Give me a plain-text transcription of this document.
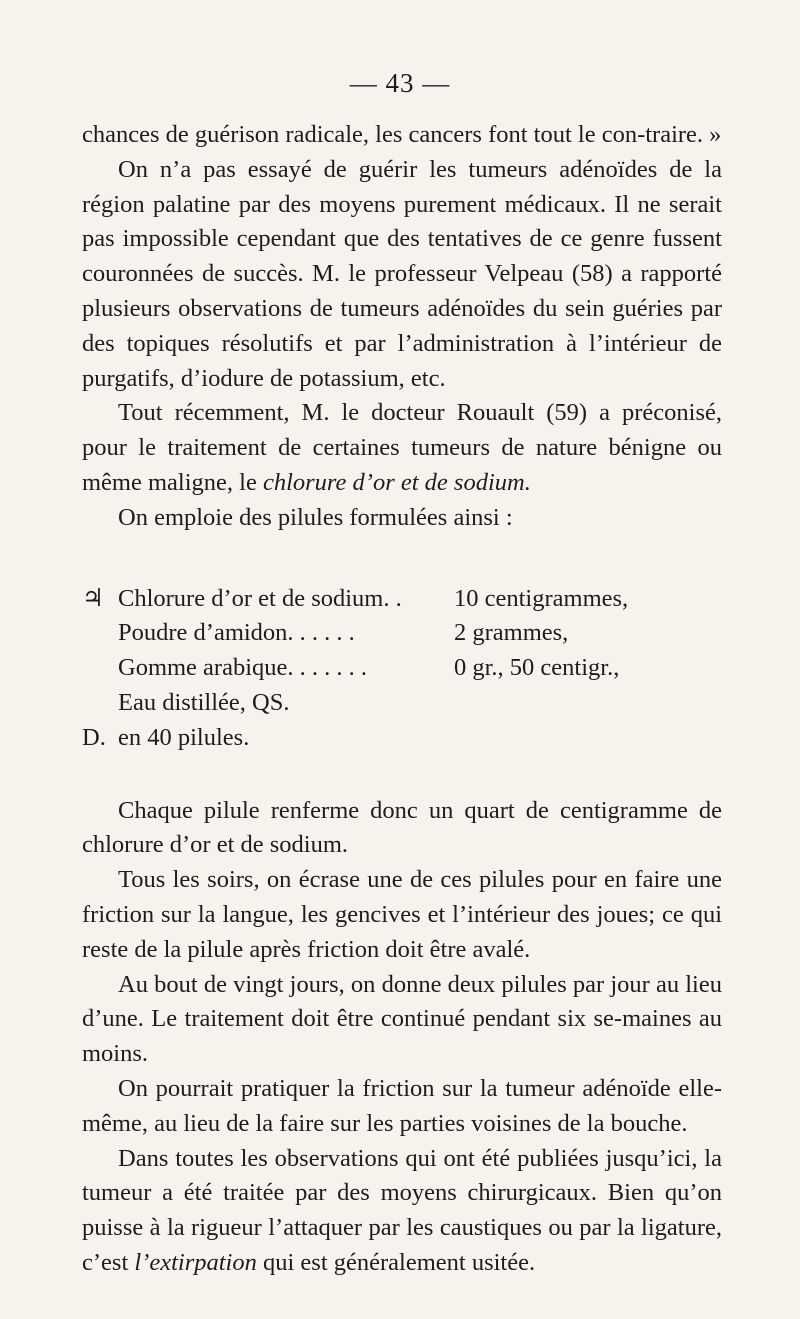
— 43 —

chances de guérison radicale, les cancers font tout le con-traire. »

On n’a pas essayé de guérir les tumeurs adénoïdes de la région palatine par des moyens purement médicaux. Il ne serait pas impossible cependant que des tentatives de ce genre fussent couronnées de succès. M. le professeur Velpeau (58) a rapporté plusieurs observations de tumeurs adénoïdes du sein guéries par des topiques résolutifs et par l’administration à l’intérieur de purgatifs, d’iodure de potassium, etc.

Tout récemment, M. le docteur Rouault (59) a préconisé, pour le traitement de certaines tumeurs de nature bénigne ou même maligne, le chlorure d’or et de sodium.

On emploie des pilules formulées ainsi :

♃ Chlorure d’or et de sodium. .	10 centigrammes,
Poudre d’amidon. . . . . .	2 grammes,
Gomme arabique. . . . . . .	0 gr., 50 centigr.,
Eau distillée, QS.
D. en 40 pilules.

Chaque pilule renferme donc un quart de centigramme de chlorure d’or et de sodium.

Tous les soirs, on écrase une de ces pilules pour en faire une friction sur la langue, les gencives et l’intérieur des joues; ce qui reste de la pilule après friction doit être avalé.

Au bout de vingt jours, on donne deux pilules par jour au lieu d’une. Le traitement doit être continué pendant six se-maines au moins.

On pourrait pratiquer la friction sur la tumeur adénoïde elle-même, au lieu de la faire sur les parties voisines de la bouche.

Dans toutes les observations qui ont été publiées jusqu’ici, la tumeur a été traitée par des moyens chirurgicaux. Bien qu’on puisse à la rigueur l’attaquer par les caustiques ou par la ligature, c’est l’extirpation qui est généralement usitée.
